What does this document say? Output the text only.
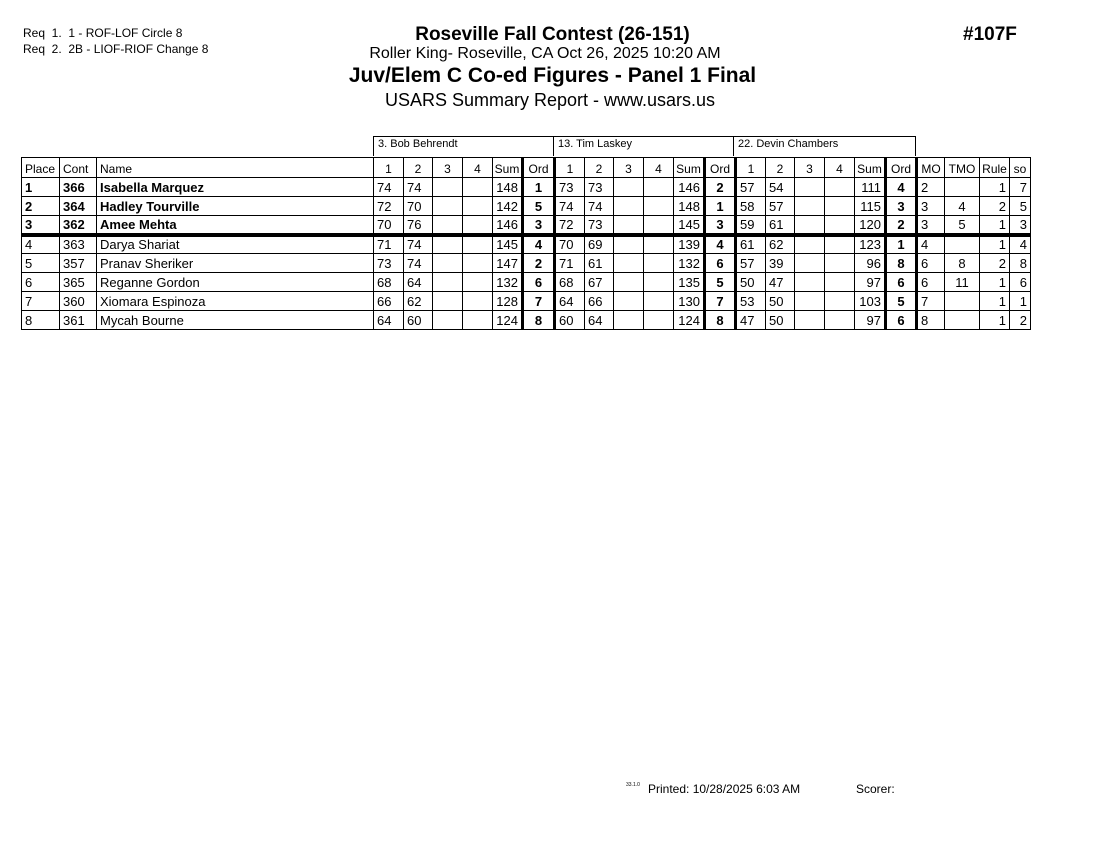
Req  1.  1 - ROF-LOF Circle 8
Req  2.  2B - LIOF-RIOF Change 8
Roseville Fall Contest (26-151)
Roller King- Roseville, CA Oct 26, 2025 10:20 AM
Juv/Elem C Co-ed Figures - Panel 1 Final
USARS Summary Report - www.usars.us
#107F
3. Bob Behrendt	13. Tim Laskey	22. Devin Chambers
Place	Cont	Name	1	2	3	4	Sum	Ord	1	2	3	4	Sum	Ord	1	2	3	4	Sum	Ord	MO	TMO	Rule	so
1	366	Isabella Marquez	74	74			148	1	73	73			146	2	57	54			111	4	2		1	7
2	364	Hadley Tourville	72	70			142	5	74	74			148	1	58	57			115	3	3	4	2	5
3	362	Amee Mehta	70	76			146	3	72	73			145	3	59	61			120	2	3	5	1	3
4	363	Darya Shariat	71	74			145	4	70	69			139	4	61	62			123	1	4		1	4
5	357	Pranav Sheriker	73	74			147	2	71	61			132	6	57	39			96	8	6	8	2	8
6	365	Reganne Gordon	68	64			132	6	68	67			135	5	50	47			97	6	6	11	1	6
7	360	Xiomara Espinoza	66	62			128	7	64	66			130	7	53	50			103	5	7		1	1
8	361	Mycah Bourne	64	60			124	8	60	64			124	8	47	50			97	6	8		1	2
33.1.0 Printed: 10/28/2025 6:03 AM	Scorer:
